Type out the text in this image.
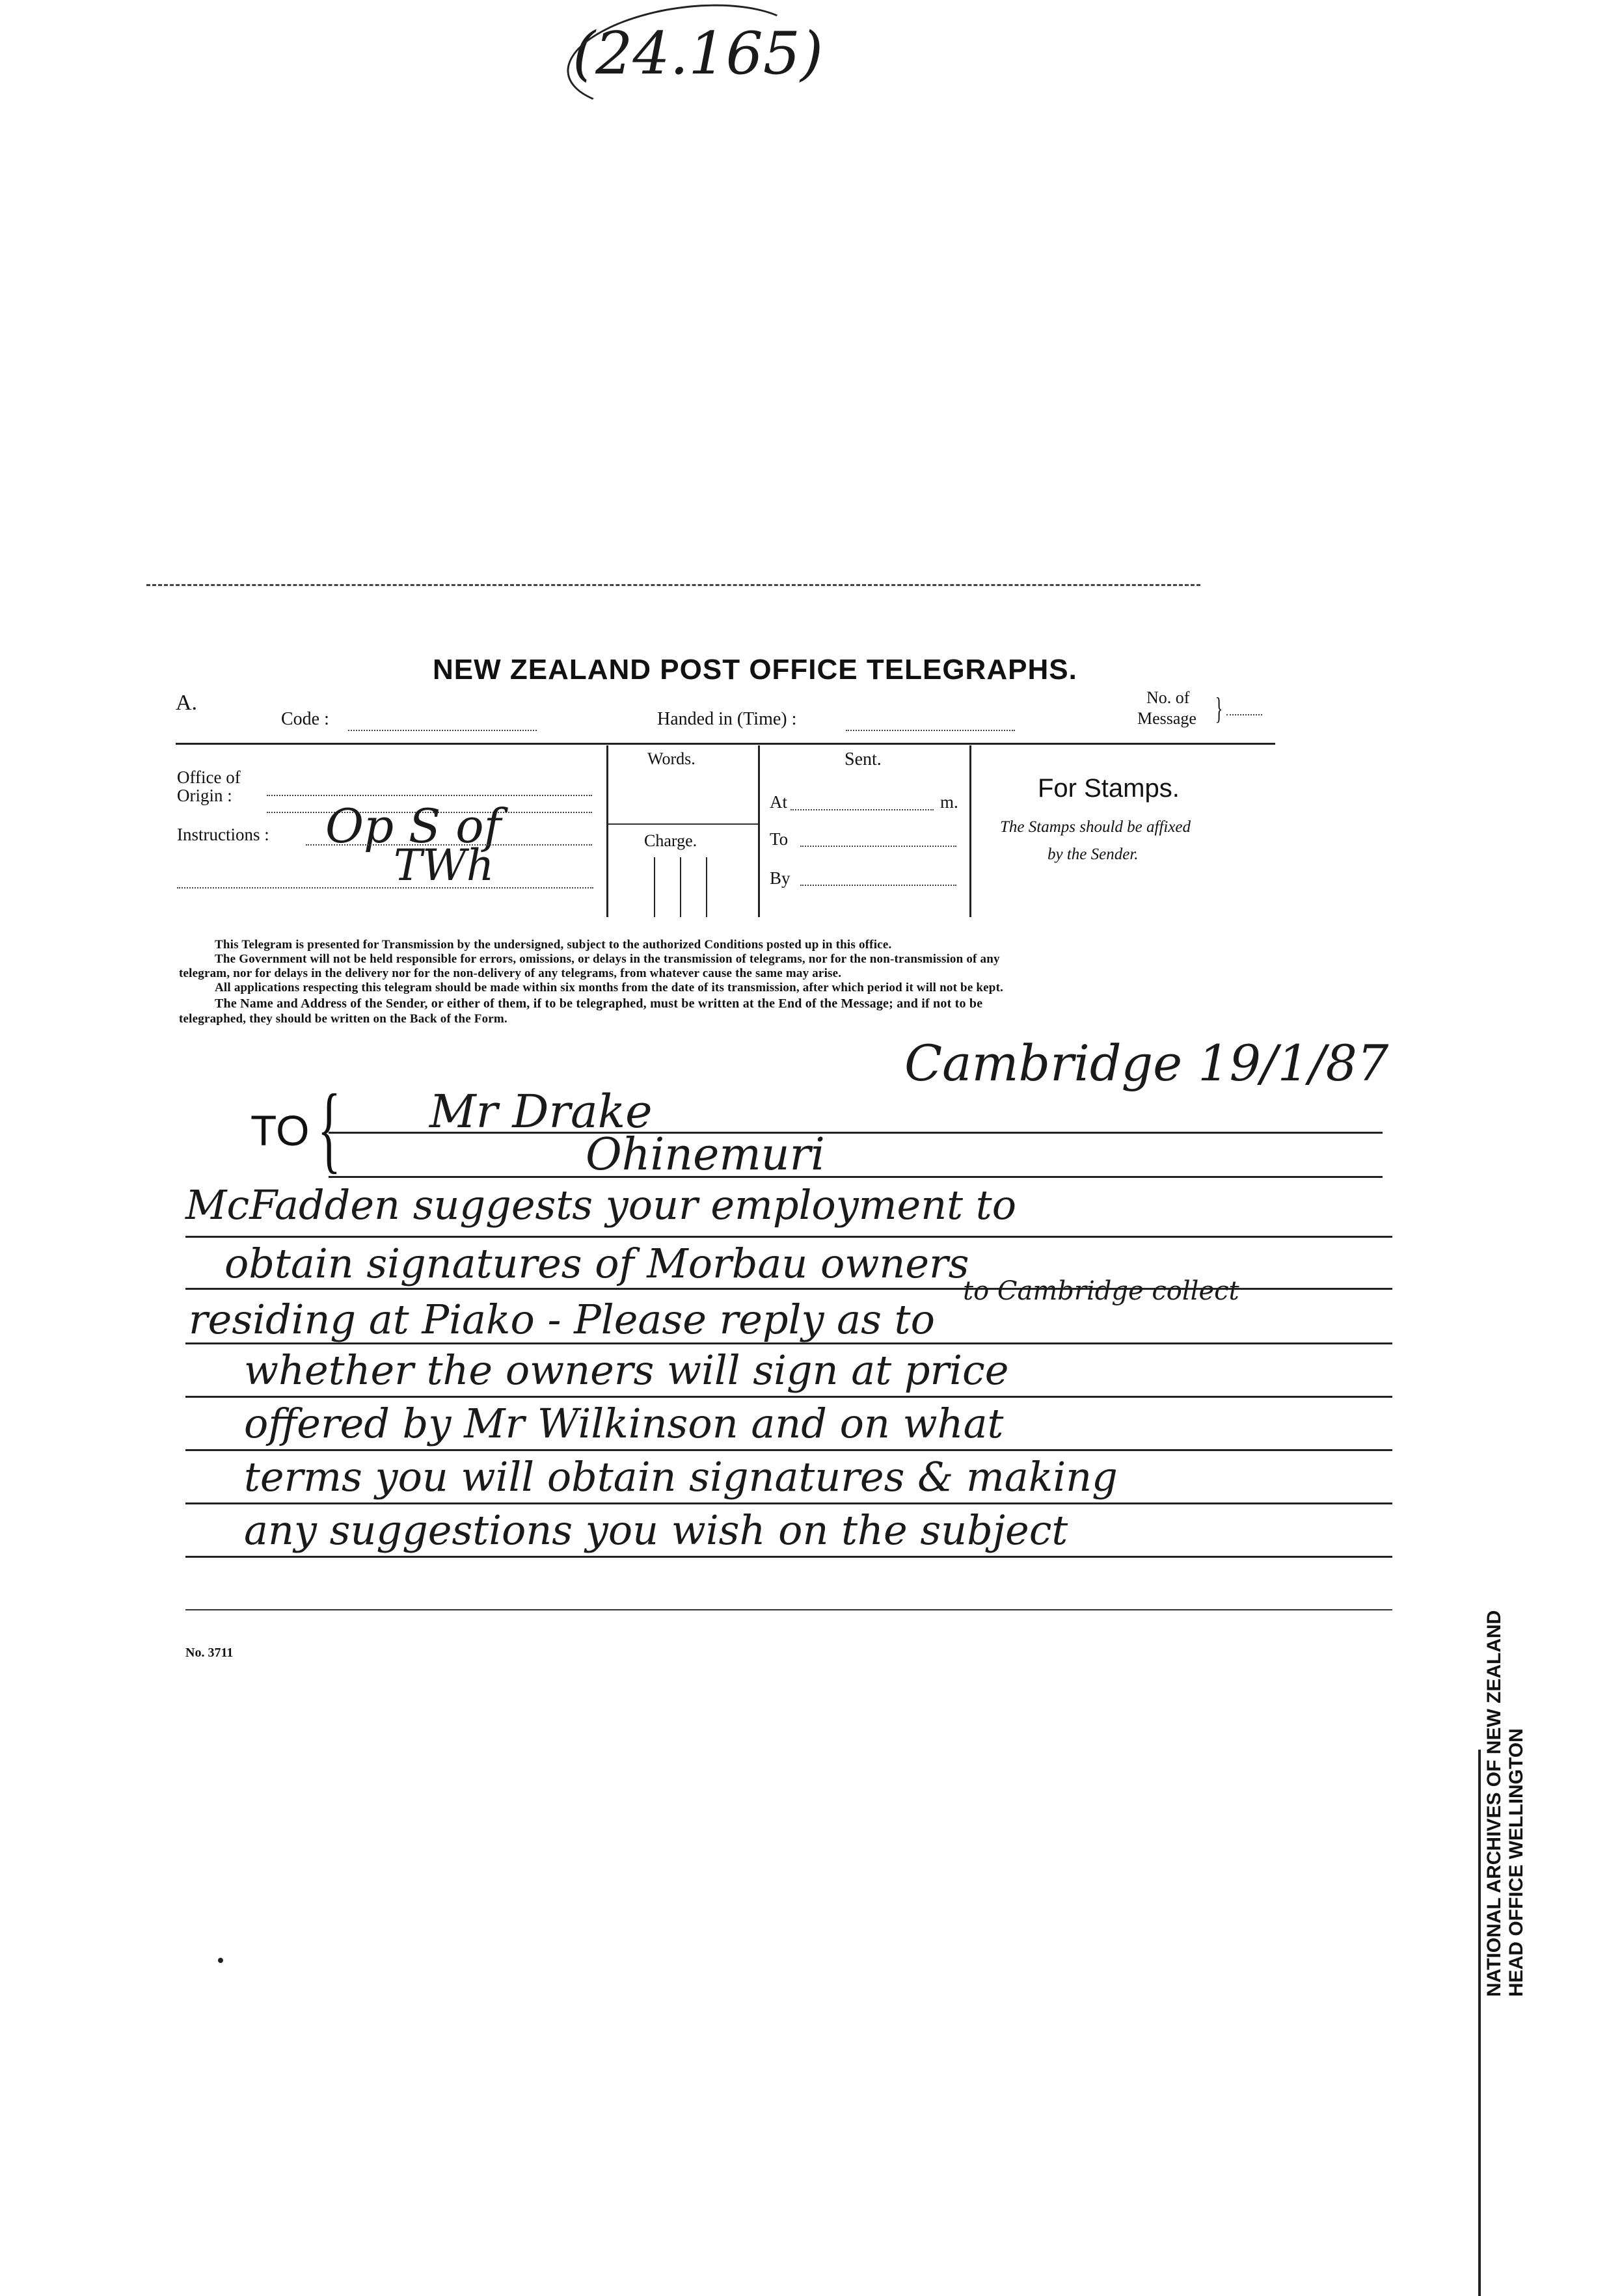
(24.165)
NEW ZEALAND POST OFFICE TELEGRAPHS.
A.
Code :	Handed in (Time) :
No. of
Message }
Office of
Origin :
Instructions : Op S of
TWh
Words.
Charge.
Sent.
At	m.
To
By
For Stamps.
The Stamps should be affixed
by the Sender.
This Telegram is presented for Transmission by the undersigned, subject to the authorized Conditions posted up in this office.
The Government will not be held responsible for errors, omissions, or delays in the transmission of telegrams, nor for the non-transmission of any
telegram, nor for delays in the delivery nor for the non-delivery of any telegrams, from whatever cause the same may arise.
All applications respecting this telegram should be made within six months from the date of its transmission, after which period it will not be kept.
The Name and Address of the Sender, or either of them, if to be telegraphed, must be written at the End of the Message; and if not to be
telegraphed, they should be written on the Back of the Form.
Cambridge 19/1/87
TO { Mr Drake
Ohinemuri
McFadden suggests your employment to
obtain signatures of Morbau owners
to Cambridge collect
residing at Piako - Please reply as to
whether the owners will sign at price
offered by Mr Wilkinson and on what
terms you will obtain signatures & making
any suggestions you wish on the subject
No. 3711	NATIONAL ARCHIVES OF NEW ZEALAND HEAD OFFICE WELLINGTON
